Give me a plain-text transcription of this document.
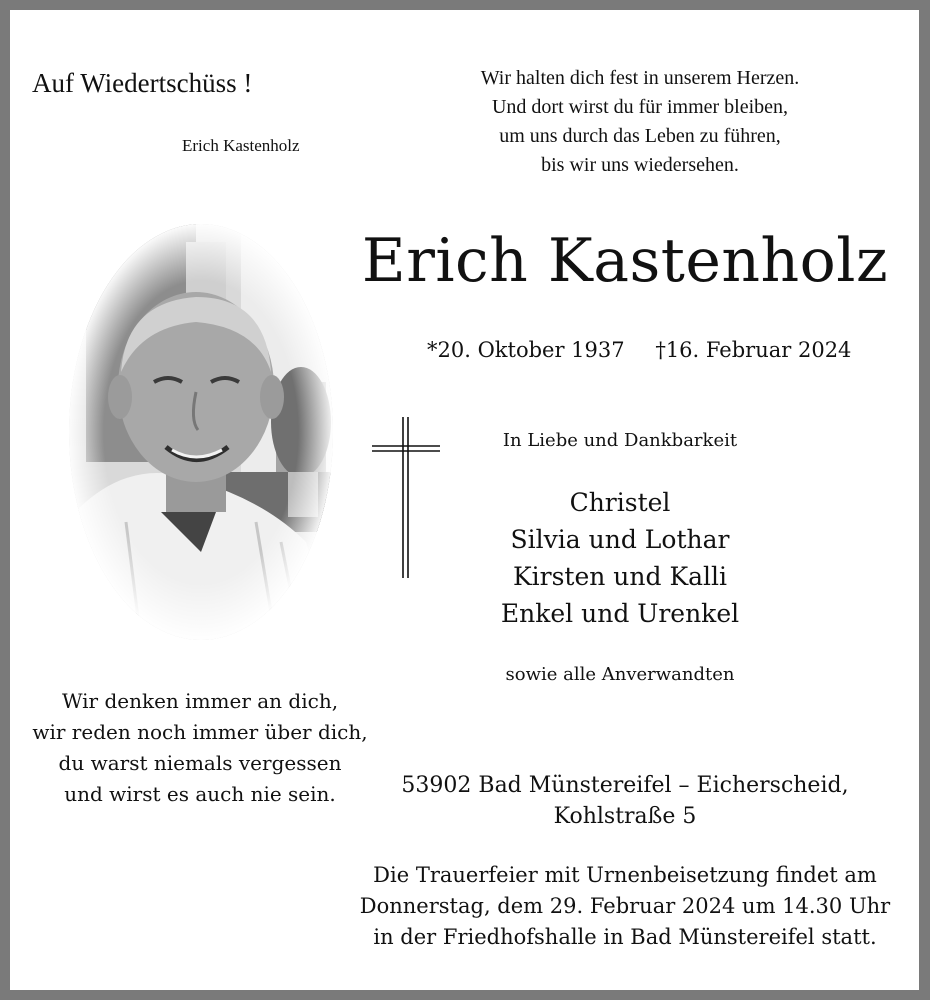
Auf Wiedertschüss !
Erich Kastenholz
Wir halten dich fest in unserem Herzen.
Und dort wirst du für immer bleiben,
um uns durch das Leben zu führen,
bis wir uns wiedersehen.
Erich Kastenholz
*20. Oktober 1937 †16. Februar 2024
In Liebe und Dankbarkeit
Christel
Silvia und Lothar
Kirsten und Kalli
Enkel und Urenkel
sowie alle Anverwandten
Wir denken immer an dich,
wir reden noch immer über dich,
du warst niemals vergessen
und wirst es auch nie sein.	53902 Bad Münstereifel – Eicherscheid,
Kohlstraße 5
Die Trauerfeier mit Urnenbeisetzung findet am
Donnerstag, dem 29. Februar 2024 um 14.30 Uhr
in der Friedhofshalle in Bad Münstereifel statt.
